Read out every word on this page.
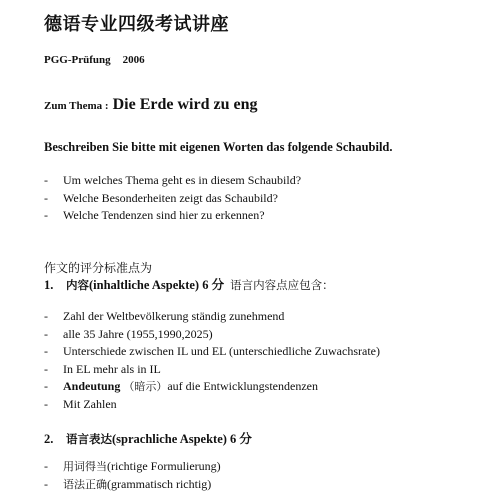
德语专业四级考试讲座
PGG-Prüfung 2006
Zum Thema : Die Erde wird zu eng
Beschreiben Sie bitte mit eigenen Worten das folgende Schaubild.
- Um welches Thema geht es in diesem Schaubild?
- Welche Besonderheiten zeigt das Schaubild?
- Welche Tendenzen sind hier zu erkennen?
作文的评分标准点为
1. 内容(inhaltliche Aspekte) 6 分 语言内容点应包含：
- Zahl der Weltbevölkerung ständig zunehmend
- alle 35 Jahre (1955,1990,2025)
- Unterschiede zwischen IL und EL (unterschiedliche Zuwachsrate)
- In EL mehr als in IL
- Andeutung （暗示）auf die Entwicklungstendenzen
- Mit Zahlen
2. 语言表达(sprachliche Aspekte) 6 分
- 用词得当(richtige Formulierung)
- 语法正确(grammatisch richtig)
